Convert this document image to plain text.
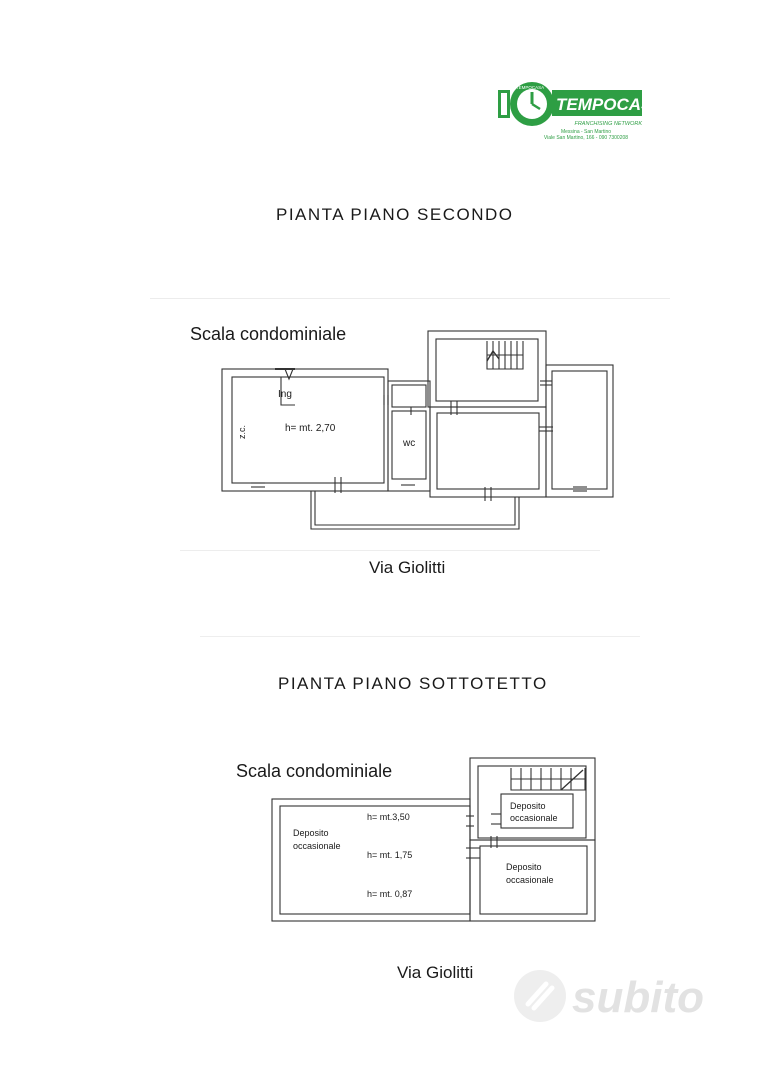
TEMPOCASA
TEMPOCASA
FRANCHISING NETWORK
Messina - San Martino
Viale San Martino, 166 - 090 7300208
PIANTA PIANO SECONDO
Scala condominiale
Ing
h= mt. 2,70
wc
z.c.
Via Giolitti
PIANTA PIANO SOTTOTETTO
Scala condominiale
h= mt.3,50
h= mt. 1,75
h= mt. 0,87
Deposito
occasionale
Deposito
occasionale
Deposito
occasionale
Via Giolitti
subito
